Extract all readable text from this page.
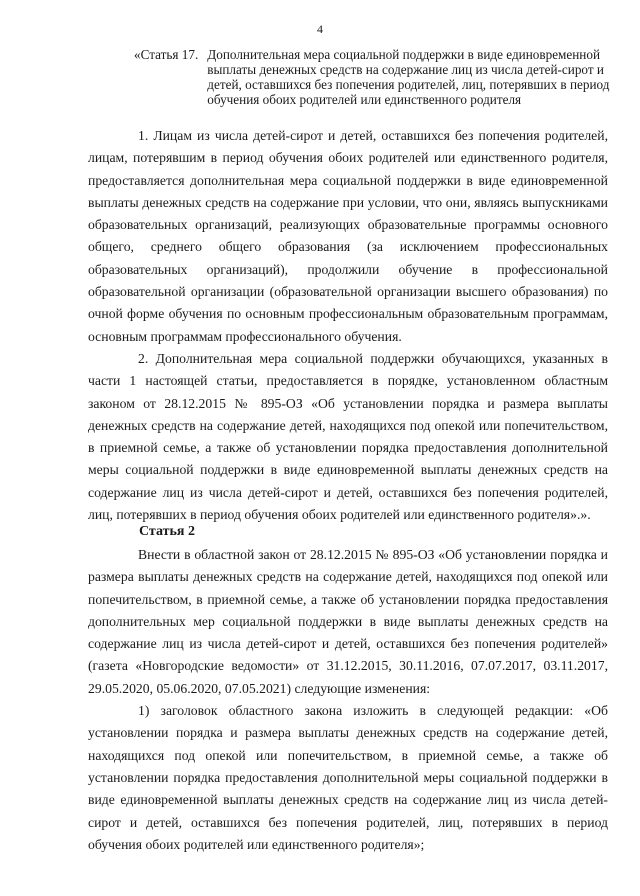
4
«Статья 17. Дополнительная мера социальной поддержки в виде единовременной выплаты денежных средств на содержание лиц из числа детей-сирот и детей, оставшихся без попечения родителей, лиц, потерявших в период обучения обоих родителей или единственного родителя

1. Лицам из числа детей-сирот и детей, оставшихся без попечения родителей, лицам, потерявшим в период обучения обоих родителей или единственного родителя, предоставляется дополнительная мера социальной поддержки в виде единовременной выплаты денежных средств на содержание при условии, что они, являясь выпускниками образовательных организаций, реализующих образовательные программы основного общего, среднего общего образования (за исключением профессиональных образовательных организаций), продолжили обучение в профессиональной образовательной организации (образовательной организации высшего образования) по очной форме обучения по основным профессиональным образовательным программам, основным программам профессионального обучения.

2. Дополнительная мера социальной поддержки обучающихся, указанных в части 1 настоящей статьи, предоставляется в порядке, установленном областным законом от 28.12.2015 № 895-ОЗ «Об установлении порядка и размера выплаты денежных средств на содержание детей, находящихся под опекой или попечительством, в приемной семье, а также об установлении порядка предоставления дополнительной меры социальной поддержки в виде единовременной выплаты денежных средств на содержание лиц из числа детей-сирот и детей, оставшихся без попечения родителей, лиц, потерявших в период обучения обоих родителей или единственного родителя».».

Статья 2

Внести в областной закон от 28.12.2015 № 895-ОЗ «Об установлении порядка и размера выплаты денежных средств на содержание детей, находящихся под опекой или попечительством, в приемной семье, а также об установлении порядка предоставления дополнительных мер социальной поддержки в виде выплаты денежных средств на содержание лиц из числа детей-сирот и детей, оставшихся без попечения родителей» (газета «Новгородские ведомости» от 31.12.2015, 30.11.2016, 07.07.2017, 03.11.2017, 29.05.2020, 05.06.2020, 07.05.2021) следующие изменения:

1) заголовок областного закона изложить в следующей редакции: «Об установлении порядка и размера выплаты денежных средств на содержание детей, находящихся под опекой или попечительством, в приемной семье, а также об установлении порядка предоставления дополнительной меры социальной поддержки в виде единовременной выплаты денежных средств на содержание лиц из числа детей-сирот и детей, оставшихся без попечения родителей, лиц, потерявших в период обучения обоих родителей или единственного родителя»;
